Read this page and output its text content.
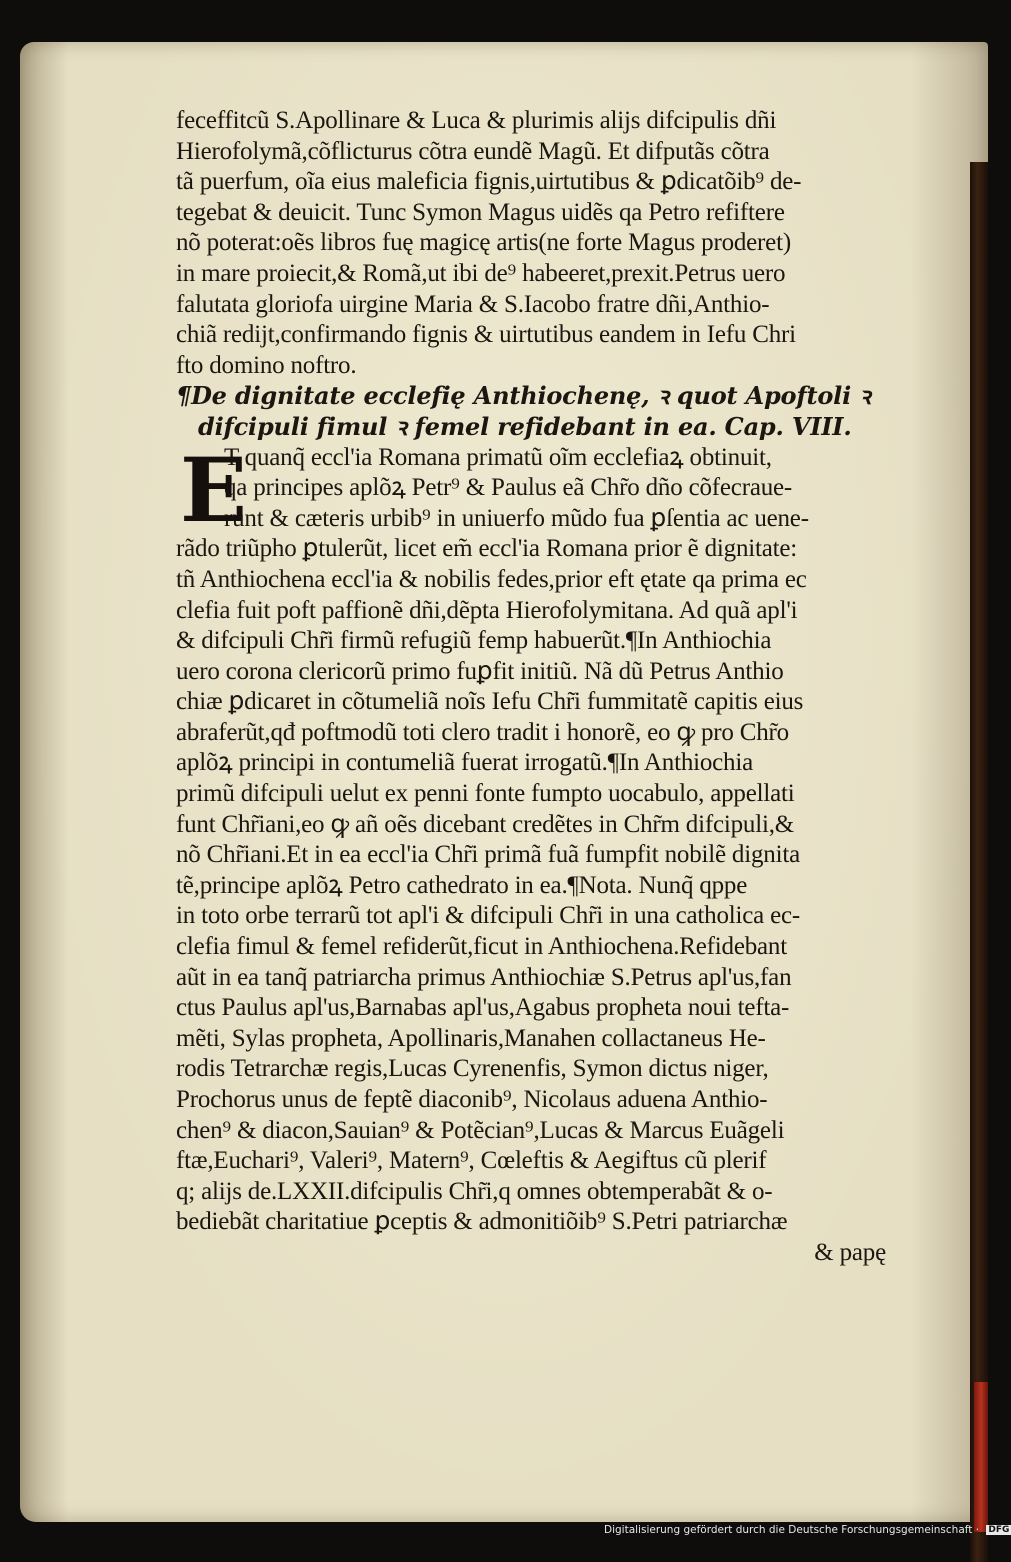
feceffitcũ S.Apollinare & Luca & plurimis alijs difcipulis dñi
Hierofolymã,cõflicturus cõtra eundẽ Magũ. Et difputãs cõtra
tã puerfum, oĩa eius maleficia fignis,uirtutibus & ꝑdicatõib⁹ de-
tegebat & deuicit. Tunc Symon Magus uidẽs qa Petro refiftere
nõ poterat:oẽs libros fuę magicę artis(ne forte Magus proderet)
in mare proiecit,& Romã,ut ibi de⁹ habeeret,prexit.Petrus uero
falutata gloriofa uirgine Maria & S.Iacobo fratre dñi,Anthio-
chiã redijt,confirmando fignis & uirtutibus eandem in Iefu Chri
fto domino noftro.
¶De dignitate ecclefię Anthiochenę, ꝛ quot Apoftoli ꝛ
difcipuli fimul ꝛ femel refidebant in ea. Cap. VIII.
T quanq̃ eccl'ia Romana primatũ oĩm ecclefiaꝝ obtinuit,
qa principes aplõꝝ Petr⁹ & Paulus eã Chr̃o dño cõfecraue-
runt & cæteris urbib⁹ in uniuerfo mũdo fua ꝑſentia ac uene-
rãdo triũpho ꝑtulerũt, licet em̃ eccl'ia Romana prior ẽ dignitate:
tñ Anthiochena eccl'ia & nobilis fedes,prior eft ętate qa prima ec
clefia fuit poft paffionẽ dñi,dẽpta Hierofolymitana. Ad quã apl'i
& difcipuli Chr̃i firmũ refugiũ femp habuerũt.¶In Anthiochia
uero corona clericorũ primo fuꝑfit initiũ. Nã dũ Petrus Anthio
chiæ ꝑdicaret in cõtumeliã noĩs Iefu Chr̃i fummitatẽ capitis eius
abraferũt,qđ poftmodũ toti clero tradit i honorẽ, eo ꝙ pro Chr̃o
aplõꝝ principi in contumeliã fuerat irrogatũ.¶In Anthiochia
primũ difcipuli uelut ex penni fonte fumpto uocabulo, appellati
funt Chr̃iani,eo ꝙ añ oẽs dicebant credẽtes in Chr̃m difcipuli,&
nõ Chr̃iani.Et in ea eccl'ia Chr̃i primã fuã fumpfit nobilẽ dignita
tẽ,principe aplõꝝ Petro cathedrato in ea.¶Nota. Nunq̃ qppe
in toto orbe terrarũ tot apl'i & difcipuli Chr̃i in una catholica ec-
clefia fimul & femel refiderũt,ficut in Anthiochena.Refidebant
aũt in ea tanq̃ patriarcha primus Anthiochiæ S.Petrus apl'us,fan
ctus Paulus apl'us,Barnabas apl'us,Agabus propheta noui tefta-
mẽti, Sylas propheta, Apollinaris,Manahen collactaneus He-
rodis Tetrarchæ regis,Lucas Cyrenenfis, Symon dictus niger,
Prochorus unus de feptẽ diaconib⁹, Nicolaus aduena Anthio-
chen⁹ & diacon,Sauian⁹ & Potẽcian⁹,Lucas & Marcus Euãgeli
ftæ,Euchari⁹, Valeri⁹, Matern⁹, Cœleftis & Aegiftus cũ plerif
q; alijs de.LXXII.difcipulis Chr̃i,q omnes obtemperabãt & o-
bediebãt charitatiue ꝑceptis & admonitiõib⁹ S.Petri patriarchæ
& papę
E
Digitalisierung gefördert durch die Deutsche Forschungsgemeinschaft · DFG
